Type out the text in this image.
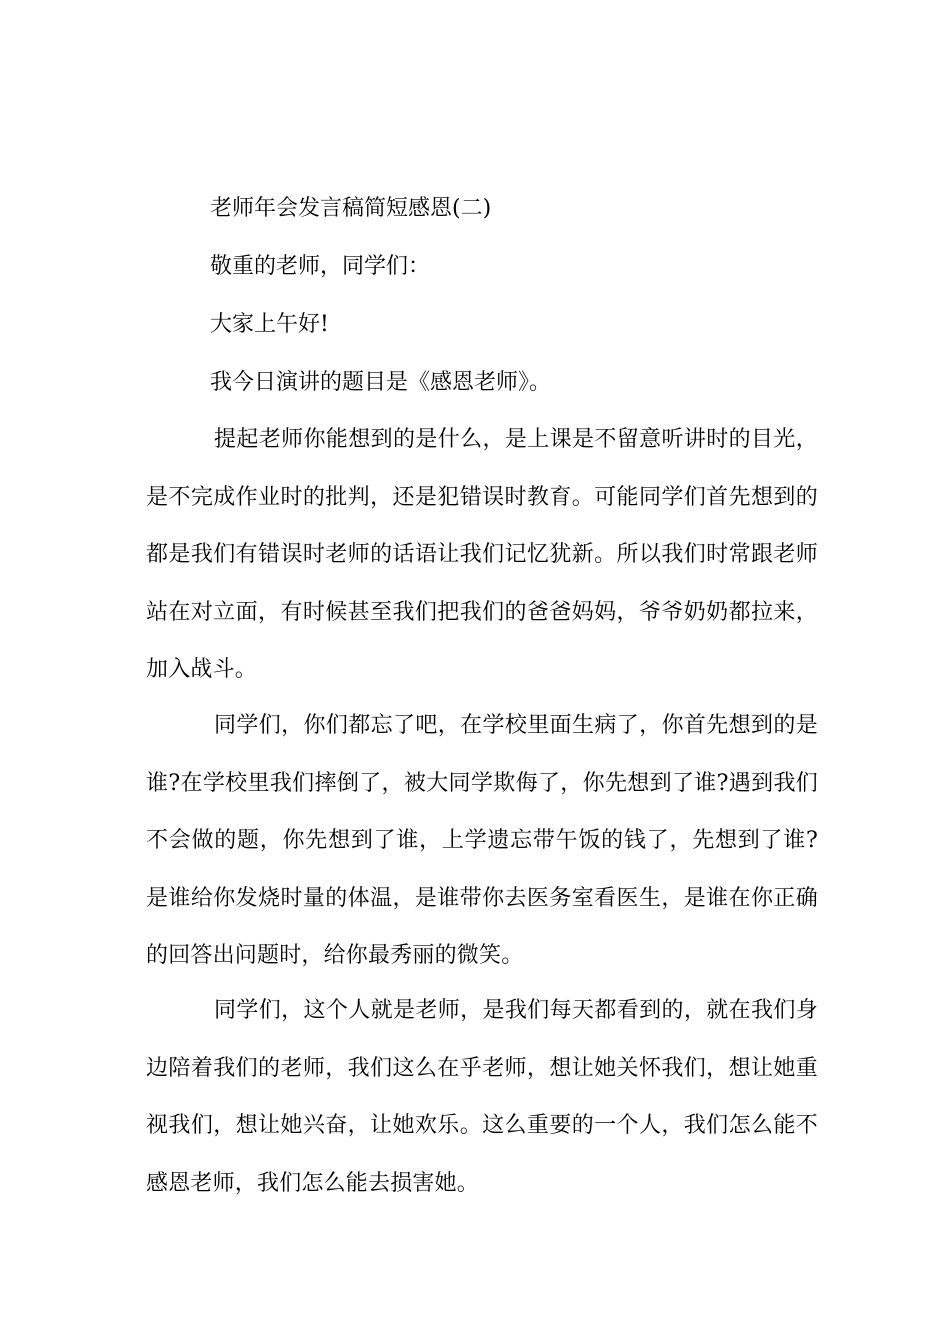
老师年会发言稿简短感恩(二)

敬重的老师，同学们：

大家上午好!

我今日演讲的题目是《感恩老师》。

提起老师你能想到的是什么，是上课是不留意听讲时的目光，是不完成作业时的批判，还是犯错误时教育。可能同学们首先想到的都是我们有错误时老师的话语让我们记忆犹新。所以我们时常跟老师站在对立面，有时候甚至我们把我们的爸爸妈妈，爷爷奶奶都拉来，加入战斗。

同学们，你们都忘了吧，在学校里面生病了，你首先想到的是谁?在学校里我们摔倒了，被大同学欺侮了，你先想到了谁?遇到我们不会做的题，你先想到了谁，上学遗忘带午饭的钱了，先想到了谁?是谁给你发烧时量的体温，是谁带你去医务室看医生，是谁在你正确的回答出问题时，给你最秀丽的微笑。

同学们，这个人就是老师，是我们每天都看到的，就在我们身边陪着我们的老师，我们这么在乎老师，想让她关怀我们，想让她重视我们，想让她兴奋，让她欢乐。这么重要的一个人，我们怎么能不感恩老师，我们怎么能去损害她。
